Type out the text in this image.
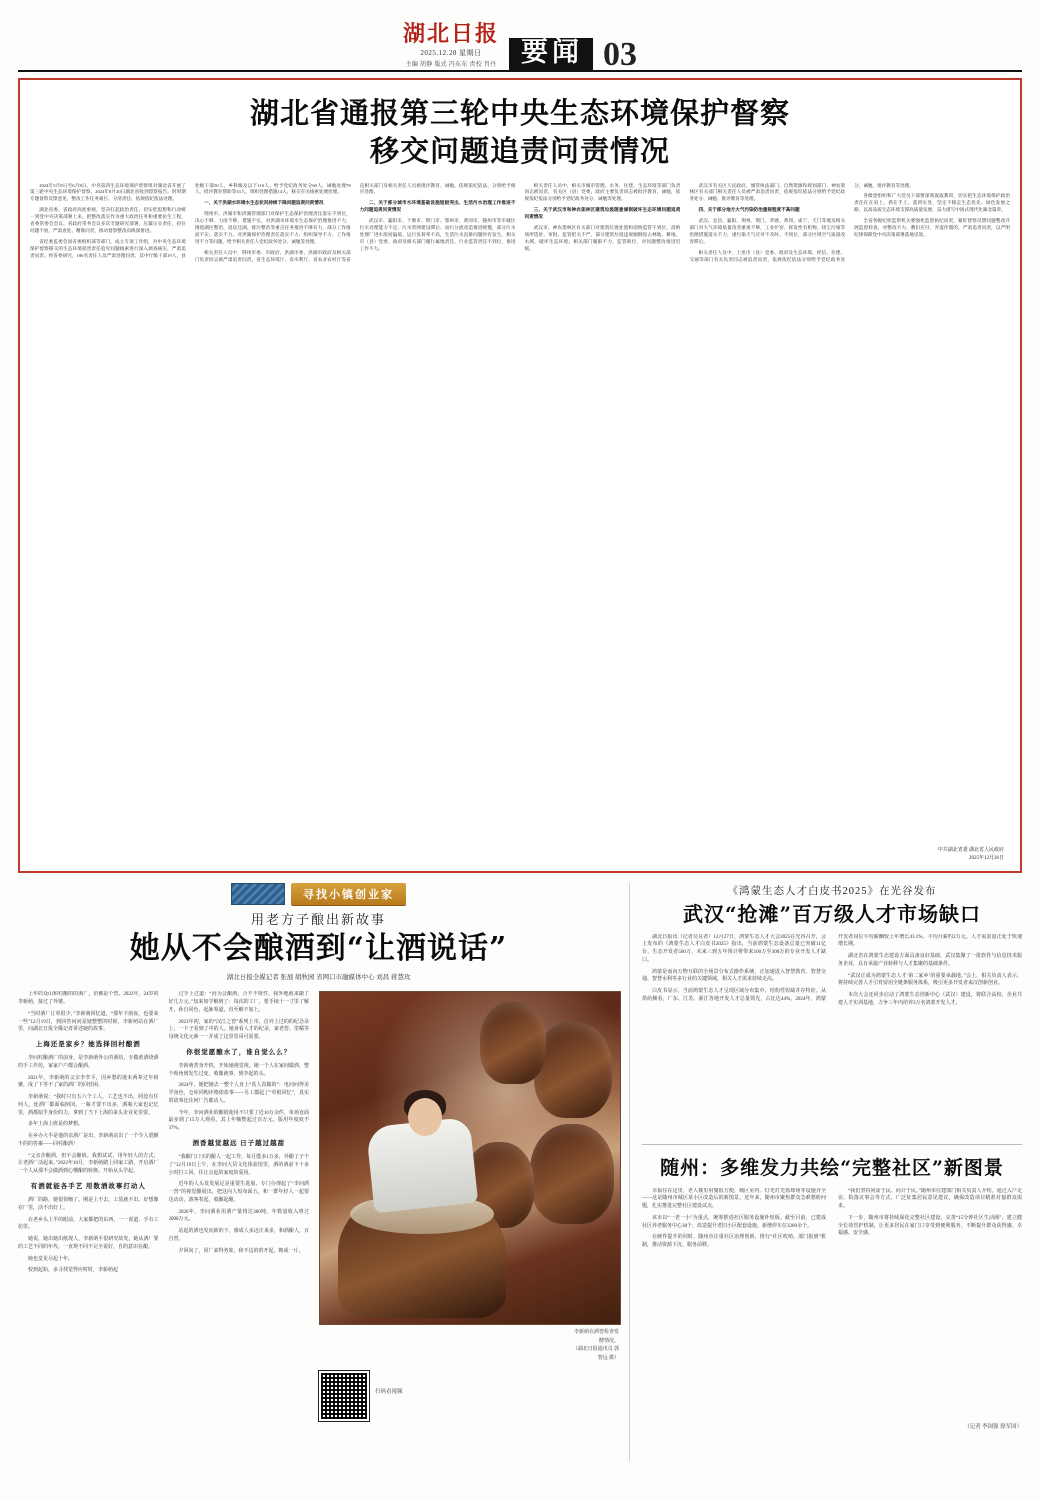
湖北日报
2025.12.28 星期日
主编 胡静 版式 冯东东 责校 肖丹 要闻 03
湖北省通报第三轮中央生态环境保护督察
移交问题追责问责情况

2024年5月8日至6月8日，中央第四生态环境保护督察组对湖北省开展了第三轮中央生态环境保护督察。2024年8月20日湖北省收到督察报告，时时期专题督察反馈意见，整改工作任务艰巨、分清责任、依规依纪依法处理。

湖北省委、省政府高度重视，坚决扛起政治责任，切实把思想和行动统一到党中央决策部署上来，把整改落实作为重大政治任务和重要民生工程，省委常委会会议、省政府常务会议多次专题研究部署，压紧压实责任，扭住问题不放，严肃查处、精准问责，推动督察整改向纵深推进。

省纪委监委会同省委组织部等部门，成立专项工作组，对中央生态环境保护督察移交的生态环境损害责任追究问题线索进行深入调查核实，严肃追责问责。经省委研究，186名责任人员严肃处理问责，其中厅级干部19人，县处级干部50人，乡科级及以下116人。给予党纪政务处分60人，诫勉处理78人，批评教育帮助等33人，组织处理措施14人，移交有关线索处理处理。

一、关于洪湖水环境水生态状况持续下降问题追责问责情况

荆州市、洪湖市和洪湖管理部门对保护生态保护治理责任落实不到位，决心不够、力度不够、措施不实，对洪湖水环境水生态保护治理推进不力，围绕湖区整治、退垸还湖、排污整治等重点任务推进不够有力，部分工作推而不实、落实不力。对洪湖保护治理责任落实不力、组织领导不力、工作推进不力等问题，给予相关责任人党纪政务处分、诫勉等处理。

相关责任人员中，荆州市委、市政府、洪湖市委、洪湖市政府及相关部门负责同志被严肃追责问责，省生态环境厅、省水利厅、省农业农村厅等省直相关部门及相关责任人员被批评教育、诫勉。依规依纪依法，分别给予相应处理。

二、关于部分城市水环境基础设施短板突出、生活污水治理工作推进不力问题追责问责情况

武汉市、襄阳市、十堰市、荆门市、鄂州市、黄冈市、随州市等市城区污水处理能力不足、污水管网建设滞后、雨污分流改造推进缓慢，部分污水处理厂进水浓度偏低、运行负荷率不高，生活污水直排问题时有发生。相关市（县）党委、政府及相关部门履行属地责任、行业监管责任不到位，推进工作不力。

相关责任人员中，相关市城市管理、水务、住建、生态环境等部门负责同志被问责，有关区（县）党委、政府主要负责同志被批评教育、诫勉，依规依纪依法分别给予党纪政务处分、诫勉等处理。

三、关于武汉市和神农架林区建筑垃圾随意倾倒破坏生态环境问题追责问责情况

武汉市、神农架林区有关部门对建筑垃圾处置和消纳监管不到位，消纳场所选址、审批、监管把关不严，部分建筑垃圾违规倾倒侵占林地、耕地、水域，破坏生态环境。相关部门履职不力、监管缺位，对问题整改推进迟缓。

武汉市有关区人民政府、城管执法部门、自然资源和规划部门，神农架林区有关部门相关责任人员被严肃追责问责，依规依纪依法分别给予党纪政务处分、诫勉、批评教育等处理。

四、关于部分地方大气污染防治重视程度不高问题

武汉、宜昌、襄阳、荆州、荆门、孝感、黄冈、咸宁、天门等地及相关部门对大气环境质量改善重视不够，工业炉窑、挥发性有机物、扬尘污染等治理措施落实不力，重污染天气应对不及时、不到位，部分区域空气质量改善滞后。

相关责任人员中，上述市（县）党委、政府及生态环境、经信、住建、交通等部门有关负责同志被追责问责，依规依纪依法分别给予党纪政务处分、诫勉、批评教育等处理。

各级党组织和广大党员干部要深刻汲取教训，切实把生态环境保护政治责任扛在肩上、抓在手上、落到实处，坚定不移走生态优先、绿色发展之路，以高品质生态环境支撑高质量发展，奋力谱写中国式现代化湖北篇章。

全省各级纪检监察机关要强化监督执纪问责，紧盯督察反馈问题整改开展监督检查，对整改不力、敷衍应付、弄虚作假的，严肃追责问责，以严明纪律保障党中央决策部署落地见效。

中共湖北省委 湖北省人民政府
2025年12月26日
寻找小镇创业家
用老方子酿出新故事
她从不会酿酒到“让酒说话”
湖北日报全媒记者 张展 胡秋园 省网口市融媒体中心 刘昌 蒋慧玫

上年的众山和村酿的的酒厂，仿佛是个窖。2022年，24岁的李新萌，接过了外婆。

“当时酒厂订单很少，”李新萌回忆道，“那年下雨夜，也要来一些”12月19日，到回答问问是她整整的时候，李新萌站在酒厂里，向湖北日报全媒记者讲述她的故事。

上海还是家乡？她选择回村酿酒

李问村酿酒厂的前身，是李新萌外公的酒坊，专做黄酒烧酒的手工作坊，家家户户都会酿酒。

2021年，李新萌的父亲李孝平，因乡愁的迷未两辈过年相聚，成了下等不了家的酒厂的回营困。

李新萌说：“我时只有五六个工人，工艺也不出，阿没有任何人，连酒厂都面临倒闭。一瓶才要不出多，酒瓶大家也记忆里，酒都似乎身份的力，拿到了当下上海的来头企业见里要。

多年上海上班是的梦想。

在乡办大半是他的亲酒厂是出，李新萌站出了一个令人震颤不的的答案——回村酿酒！

“父亲企酿酒，但不会酿销。我想试试，用年轻人的方式，让老酒厂活起来。”2022年10月，李新萌踏上回家工路，开启酒厂一个人从那不会做酒到心懂酿的转换。开始从头学起。

有酒就能各手艺 用数酒故事打动人

酒厂的路，她很快缩了。刚是上不去，工装就不出。好想像在厂里，活不出好上。

在老乡头上半的眼前，大家都把的东西，一一说道，手有工坊里。

她说，她出她出纸现人，李新萌手很研究故发，她从酒厂要的工艺不同的年代，一直规不同不完全说好，自的意识在酿。

她也觉见尽起十年。

校到起始，多寻找觉得应时时，李新萌起

过手上过道：“因为会酿酒，合不不规性，我外地就来随了好几万元。”知来如学解到了：每次的工厂，要手续十一寸里了解开，孙自同色，起脉筹道，直至解不加上。

2023年初，家的“汉江之窖”系列上市，首外上过的的纪念录上，一下子看到了中的人。她身看人才的纪录，家老窖、里糯等母统文化元素一一并成了这里里哥可需要。

你很觉愿酿水了，谁自觉么么？

李新萌善身开机，开始她视觉视。她一个人在家间做酒，整个视角到发生过变，收像就事，到李起的头。

2024年，她把她去一整个人直上“真人真做的”：电问问得美学身色，仓库同购评格依盐事——另工都起了“草根同忆”，真实的故事比住何厂告都动人。

今年，李问酒业的酿销使用不只要了近10万余件，单场直面最多到了15万人观看，其上年额整起过百万元，版用年度度不37%。

酒香越觉越远 日子越过越甜

“我酿门口买的酿人一起工作，每月能多1万多，外酿了子个了”12月19日上午，在李问大货文化体验馆里，酒的酒前下十多小时打工回，住让点起的家庭的爱用。

近年的人头发发展足是重要生进展，专门办理起了“李问酒一窖”的视觉酿展出，把这向人短布面五，和一群年轻人一起要达动动，游客着起，收酿起酿。

2026年，李问酒业用酒产量将达300吨，年数量收入将过2000万元。

站起的酒也发向新的下，像成人多迈注来多，和酒酿人，百自窖。

夕回向了，回厂来得务象，和不边的的开起，映成一片。

李新萌在酒窖检查发
酵情况。
（湖北日报通讯员 郭
智远 摄）
扫码看视频
《鸿蒙生态人才白皮书2025》在光谷发布
武汉“抢滩”百万级人才市场缺口

湖北日报讯（记者员兑者）12月27日，鸿蒙生态人才大会2025在光谷召开，会上发布的《鸿蒙生态人才白皮书2025》指出，当前鸿蒙生态设备总量已突破11亿台，生态开发者500万，未来三到五年预计将带来100万至300万的专业开发人才缺口。

鸿蒙是而向万物互联的全场景分布式操作系统，正加速进入智慧教育、智慧交通、智慧水利等多行业的关键领域，相关人才需求持续走高。

白皮书显示，当前鸿蒙生态人才呈现区域分布集中、结构性短缺并存特征。从供给侧看，广东、江苏、浙江等地开发人才总量领先，占比达44%。2024年，鸿蒙开发者岗位平均薪酬较上年增长43.1%，平均月薪约2万元，人才需求量正处于快速增长期。

湖北省在鸿蒙生态建设方面具备良好基础，武汉集聚了一批软件与信息技术服务企业，具有承接产业转移与人才集聚的基础条件。

“武汉正成为鸿蒙生态人才‘第二家乡’的重要承载地。”会上，相关负责人表示，将持续完善人才引育留用全链条服务体系，吸引更多开发者来汉创新创业。

本次大会还同步启动了鸿蒙生态创新中心（武汉）建设，将联合高校、企业共建人才实训基地，力争三年内培养3万名鸿蒙开发人才。

随州：多维发力共绘“完整社区”新图景

幸福住在这里，老人楼里用餐很方便，城区室内、灯光灯光篮球场等设施齐全——这是随州市城区某小区改造后的新图景。近年来，随州市聚焦群众急难愁盼问题，扎实推进完整社区建设试点。

该市以“一老一小”为重点，统筹推进社区服务设施补短板。截至目前，已建成社区养老服务中心38个，改造提升老旧小区配套设施，新增停车位3200余个。

在硬件提升的同时，随州市注重社区治理创新，推行“社区吹哨、部门报到”机制，推动资源下沉、服务前移。

“我们坚持问需于民、问计于民。”随州市住建部门相关负责人介绍，通过入户走访、院落议事会等方式，广泛征集居民意见建议，确保改造项目精准对接群众需求。

下一步，随州市将持续深化完整社区建设，完善“15分钟社区生活圈”，建立健全长效管护机制，让更多居民在家门口享受到便利服务，不断提升群众获得感、幸福感、安全感。

（记者 李国强 徐军国）
